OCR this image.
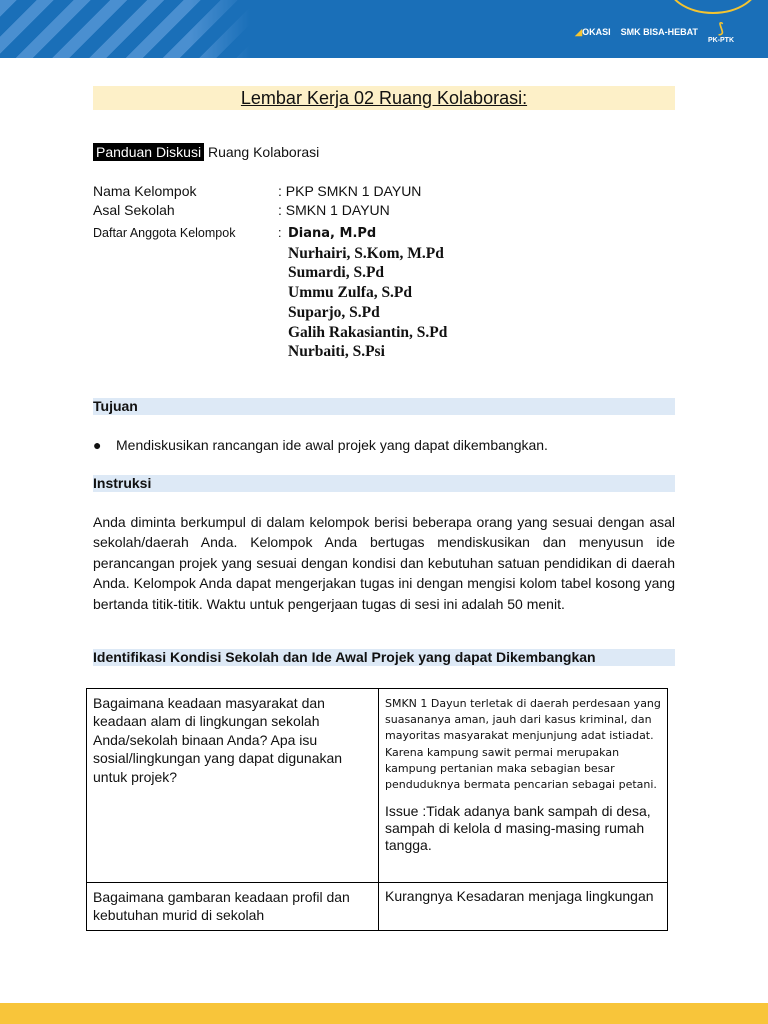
◢OKASI SMK BISA-HEBAT	⟆
PK-PTK
Lembar Kerja 02 Ruang Kolaborasi:
Panduan Diskusi Ruang Kolaborasi
Nama Kelompok	: PKP SMKN 1 DAYUN
Asal Sekolah	: SMKN 1 DAYUN
Daftar Anggota Kelompok	: Diana, M.Pd
Nurhairi, S.Kom, M.Pd
Sumardi, S.Pd
Ummu Zulfa, S.Pd
Suparjo, S.Pd
Galih Rakasiantin, S.Pd
Nurbaiti, S.Psi
Tujuan
● Mendiskusikan rancangan ide awal projek yang dapat dikembangkan.
Instruksi
Anda diminta berkumpul di dalam kelompok berisi beberapa orang yang sesuai dengan asal sekolah/daerah Anda. Kelompok Anda bertugas mendiskusikan dan menyusun ide perancangan projek yang sesuai dengan kondisi dan kebutuhan satuan pendidikan di daerah Anda. Kelompok Anda dapat mengerjakan tugas ini dengan mengisi kolom tabel kosong yang bertanda titik-titik. Waktu untuk pengerjaan tugas di sesi ini adalah 50 menit.
Identifikasi Kondisi Sekolah dan Ide Awal Projek yang dapat Dikembangkan
Bagaimana keadaan masyarakat dan keadaan alam di lingkungan sekolah Anda/sekolah binaan Anda? Apa isu sosial/lingkungan yang dapat digunakan untuk projek?	SMKN 1 Dayun terletak di daerah perdesaan yang suasananya aman, jauh dari kasus kriminal, dan mayoritas masyarakat menjunjung adat istiadat. Karena kampung sawit permai merupakan kampung pertanian maka sebagian besar penduduknya bermata pencarian sebagai petani.
Issue :Tidak adanya bank sampah di desa, sampah di kelola d masing-masing rumah tangga.

Bagaimana gambaran keadaan profil dan kebutuhan murid di sekolah	Kurangnya Kesadaran menjaga lingkungan
